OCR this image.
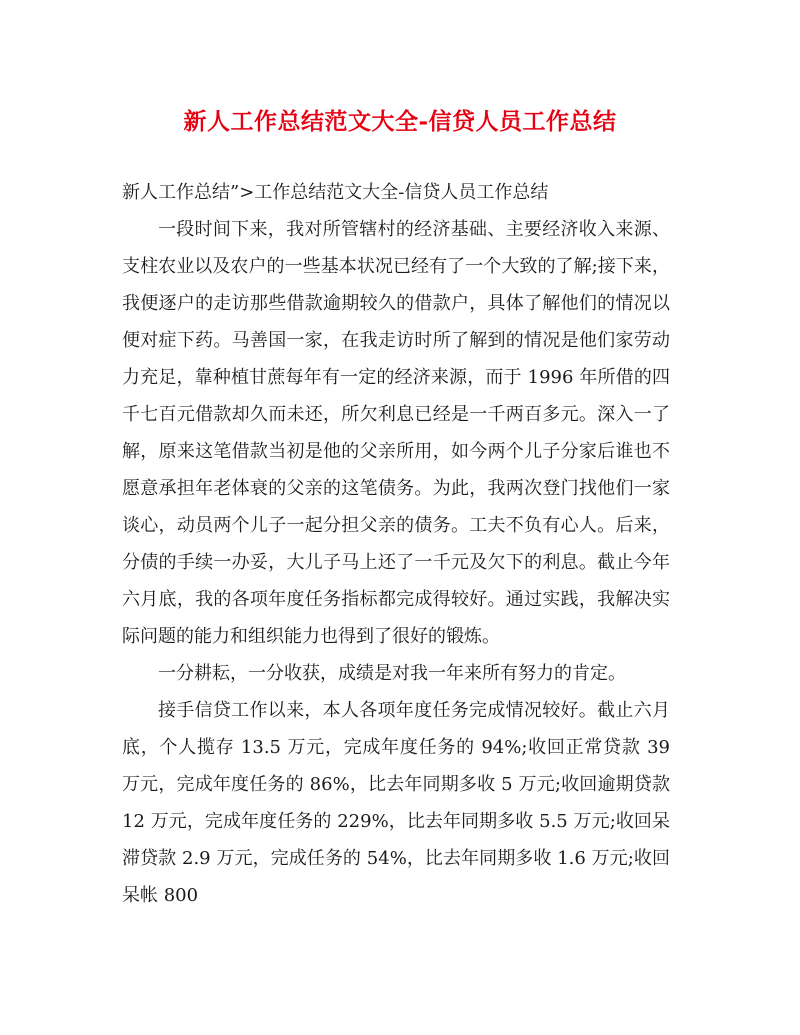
新人工作总结范文大全-信贷人员工作总结

新人工作总结”>工作总结范文大全-信贷人员工作总结

一段时间下来，我对所管辖村的经济基础、主要经济收入来源、支柱农业以及农户的一些基本状况已经有了一个大致的了解;接下来，我便逐户的走访那些借款逾期较久的借款户，具体了解他们的情况以便对症下药。马善国一家，在我走访时所了解到的情况是他们家劳动力充足，靠种植甘蔗每年有一定的经济来源，而于 1996 年所借的四千七百元借款却久而未还，所欠利息已经是一千两百多元。深入一了解，原来这笔借款当初是他的父亲所用，如今两个儿子分家后谁也不愿意承担年老体衰的父亲的这笔债务。为此，我两次登门找他们一家谈心，动员两个儿子一起分担父亲的债务。工夫不负有心人。后来，分债的手续一办妥，大儿子马上还了一千元及欠下的利息。截止今年六月底，我的各项年度任务指标都完成得较好。通过实践，我解决实际问题的能力和组织能力也得到了很好的锻炼。

一分耕耘，一分收获，成绩是对我一年来所有努力的肯定。

接手信贷工作以来，本人各项年度任务完成情况较好。截止六月底，个人揽存 13.5 万元，完成年度任务的 94%;收回正常贷款 39 万元，完成年度任务的 86%，比去年同期多收 5 万元;收回逾期贷款 12 万元，完成年度任务的 229%，比去年同期多收 5.5 万元;收回呆滞贷款 2.9 万元，完成任务的 54%，比去年同期多收 1.6 万元;收回呆帐 800
